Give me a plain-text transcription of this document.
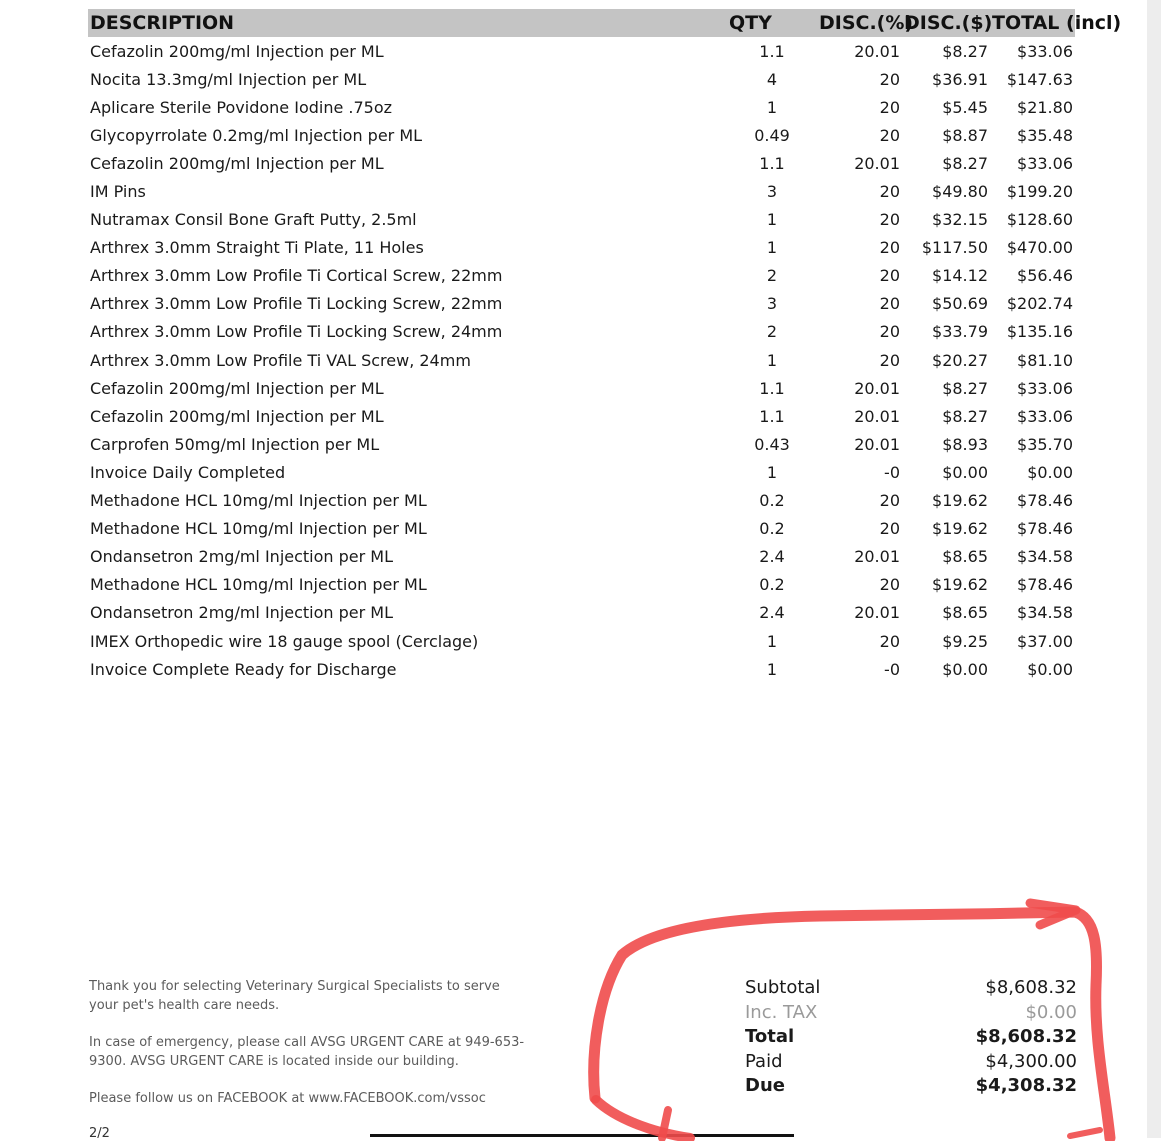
DESCRIPTION	QTY	DISC.(%)	DISC.($)	TOTAL (incl)
Cefazolin 200mg/ml Injection per ML	1.1	20.01	$8.27	$33.06
Nocita 13.3mg/ml Injection per ML	4	20	$36.91	$147.63
Aplicare Sterile Povidone Iodine .75oz	1	20	$5.45	$21.80
Glycopyrrolate 0.2mg/ml Injection per ML	0.49	20	$8.87	$35.48
Cefazolin 200mg/ml Injection per ML	1.1	20.01	$8.27	$33.06
IM Pins	3	20	$49.80	$199.20
Nutramax Consil Bone Graft Putty, 2.5ml	1	20	$32.15	$128.60
Arthrex 3.0mm Straight Ti Plate, 11 Holes	1	20	$117.50	$470.00
Arthrex 3.0mm Low Profile Ti Cortical Screw, 22mm	2	20	$14.12	$56.46
Arthrex 3.0mm Low Profile Ti Locking Screw, 22mm	3	20	$50.69	$202.74
Arthrex 3.0mm Low Profile Ti Locking Screw, 24mm	2	20	$33.79	$135.16
Arthrex 3.0mm Low Profile Ti VAL Screw, 24mm	1	20	$20.27	$81.10
Cefazolin 200mg/ml Injection per ML	1.1	20.01	$8.27	$33.06
Cefazolin 200mg/ml Injection per ML	1.1	20.01	$8.27	$33.06
Carprofen 50mg/ml Injection per ML	0.43	20.01	$8.93	$35.70
Invoice Daily Completed	1	-0	$0.00	$0.00
Methadone HCL 10mg/ml Injection per ML	0.2	20	$19.62	$78.46
Methadone HCL 10mg/ml Injection per ML	0.2	20	$19.62	$78.46
Ondansetron 2mg/ml Injection per ML	2.4	20.01	$8.65	$34.58
Methadone HCL 10mg/ml Injection per ML	0.2	20	$19.62	$78.46
Ondansetron 2mg/ml Injection per ML	2.4	20.01	$8.65	$34.58
IMEX Orthopedic wire 18 gauge spool (Cerclage)	1	20	$9.25	$37.00
Invoice Complete Ready for Discharge	1	-0	$0.00	$0.00
Thank you for selecting Veterinary Surgical Specialists to serve your pet's health care needs.
In case of emergency, please call AVSG URGENT CARE at 949-653-9300. AVSG URGENT CARE is located inside our building.
Please follow us on FACEBOOK at www.FACEBOOK.com/vssoc
2/2
Subtotal	$8,608.32
Inc. TAX	$0.00
Total	$8,608.32
Paid	$4,300.00
Due	$4,308.32
